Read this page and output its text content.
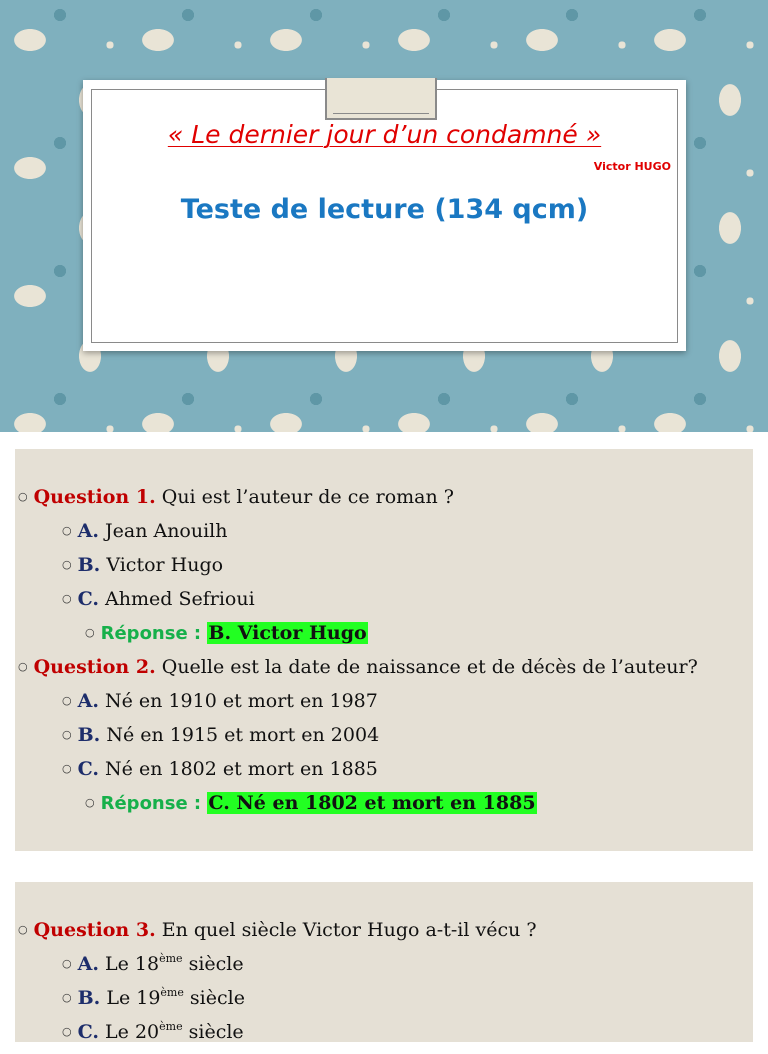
« Le dernier jour d’un condamné »

Victor HUGO

Teste de lecture (134 qcm)

○ Question 1. Qui est l’auteur de ce roman ?
○ A. Jean Anouilh
○ B. Victor Hugo
○ C. Ahmed Sefrioui
○ Réponse : B. Victor Hugo
○ Question 2. Quelle est la date de naissance et de décès de l’auteur?
○ A. Né en 1910 et mort en 1987
○ B. Né en 1915 et mort en 2004
○ C. Né en 1802 et mort en 1885
○ Réponse : C. Né en 1802 et mort en 1885
○ Question 3. En quel siècle Victor Hugo a-t-il vécu ?
○ A. Le 18ème siècle
○ B. Le 19ème siècle
○ C. Le 20ème siècle
